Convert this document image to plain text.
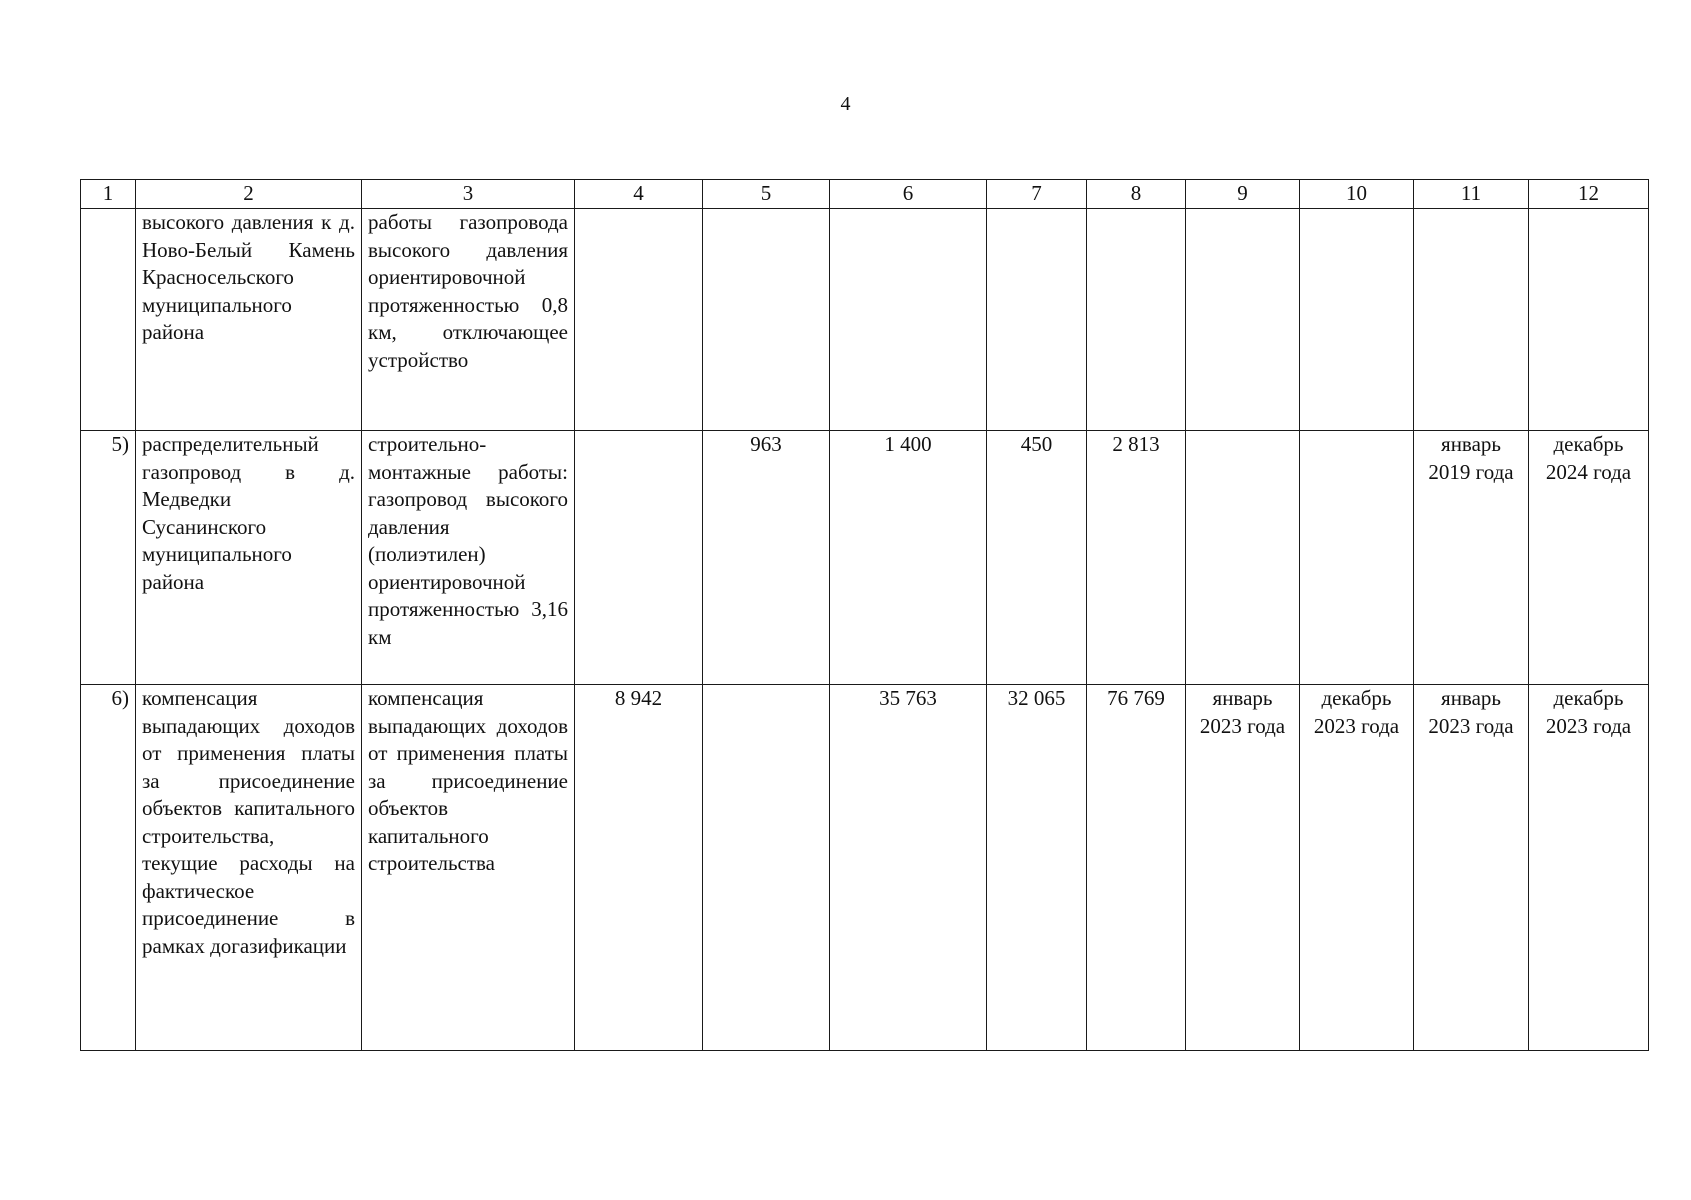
4
1	2	3	4	5	6	7	8	9	10	11	12
	высокого давления к д. Ново-Белый Камень Красносельского муниципального района	работы газопровода высокого давления ориентировочной протяженностью 0,8 км, отключающее устройство									
5)	распределительный газопровод в д. Медведки Сусанинского муниципального района	строительно-монтажные работы: газопровод высокого давления (полиэтилен) ориентировочной протяженностью 3,16 км		963	1 400	450	2 813			январь 2019 года	декабрь 2024 года
6)	компенсация выпадающих доходов от применения платы за присоединение объектов капитального строительства, текущие расходы на фактическое присоединение в рамках догазификации	компенсация выпадающих доходов от применения платы за присоединение объектов капитального строительства	8 942		35 763	32 065	76 769	январь 2023 года	декабрь 2023 года	январь 2023 года	декабрь 2023 года
